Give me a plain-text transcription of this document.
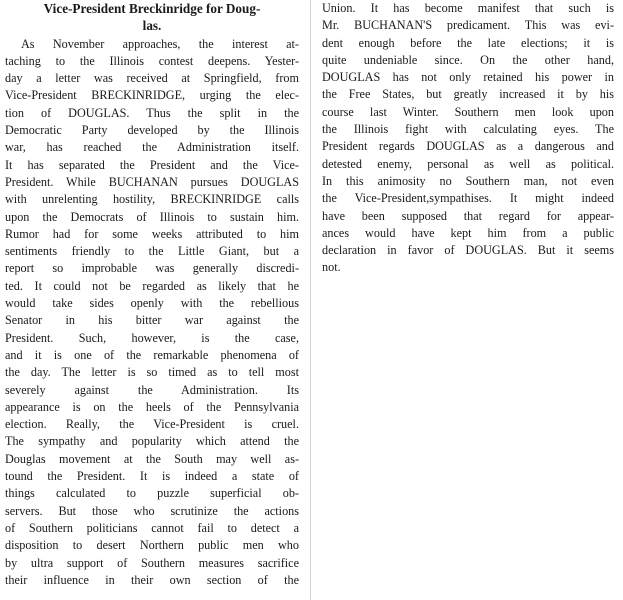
Vice-President Breckinridge for Doug-
las.
As November approaches, the interest at-
taching to the Illinois contest deepens. Yester-
day a letter was received at Springfield, from
Vice-President BRECKINRIDGE, urging the elec-
tion of DOUGLAS. Thus the split in the
Democratic Party developed by the Illinois
war, has reached the Administration itself.
It has separated the President and the Vice-
President. While BUCHANAN pursues DOUGLAS
with unrelenting hostility, BRECKINRIDGE calls
upon the Democrats of Illinois to sustain him.
Rumor had for some weeks attributed to him
sentiments friendly to the Little Giant, but a
report so improbable was generally discredi-
ted. It could not be regarded as likely that he
would take sides openly with the rebellious
Senator in his bitter war against the
President. Such, however, is the case,
and it is one of the remarkable phenomena of
the day. The letter is so timed as to tell most
severely against the Administration. Its
appearance is on the heels of the Pennsylvania
election. Really, the Vice-President is cruel.
The sympathy and popularity which attend the
Douglas movement at the South may well as-
tound the President. It is indeed a state of
things calculated to puzzle superficial ob-
servers. But those who scrutinize the actions
of Southern politicians cannot fail to detect a
disposition to desert Northern public men who
by ultra support of Southern measures sacrifice
their influence in their own section of the
Union. It has become manifest that such is
Mr. BUCHANAN'S predicament. This was evi-
dent enough before the late elections; it is
quite undeniable since. On the other hand,
DOUGLAS has not only retained his power in
the Free States, but greatly increased it by his
course last Winter. Southern men look upon
the Illinois fight with calculating eyes. The
President regards DOUGLAS as a dangerous and
detested enemy, personal as well as political.
In this animosity no Southern man, not even
the Vice-President,sympathises. It might indeed
have been supposed that regard for appear-
ances would have kept him from a public
declaration in favor of DOUGLAS. But it seems
not.
